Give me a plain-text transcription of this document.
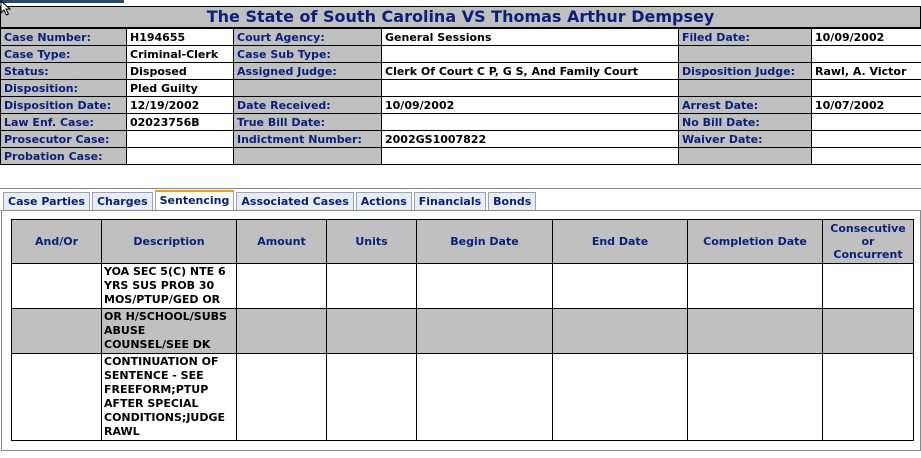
The State of South Carolina VS Thomas Arthur Dempsey
Case Number:	H194655	Court Agency:	General Sessions	Filed Date:	10/09/2002
Case Type:	Criminal-Clerk	Case Sub Type:			
Status:	Disposed	Assigned Judge:	Clerk Of Court C P, G S, And Family Court	Disposition Judge:	Rawl, A. Victor
Disposition:	Pled Guilty				
Disposition Date:	12/19/2002	Date Received:	10/09/2002	Arrest Date:	10/07/2002
Law Enf. Case:	02023756B	True Bill Date:		No Bill Date:	
Prosecutor Case:		Indictment Number:	2002GS1007822	Waiver Date:	
Probation Case:					
Case Parties	Charges	Sentencing	Associated Cases	Actions	Financials	Bonds
And/Or	Description	Amount	Units	Begin Date	End Date	Completion Date	Consecutive or Concurrent
	YOA SEC 5(C) NTE 6 YRS SUS PROB 30 MOS/PTUP/GED OR						
	OR H/SCHOOL/SUBS ABUSE COUNSEL/SEE DK						
	CONTINUATION OF SENTENCE - SEE FREEFORM;PTUP AFTER SPECIAL CONDITIONS;JUDGE RAWL						
